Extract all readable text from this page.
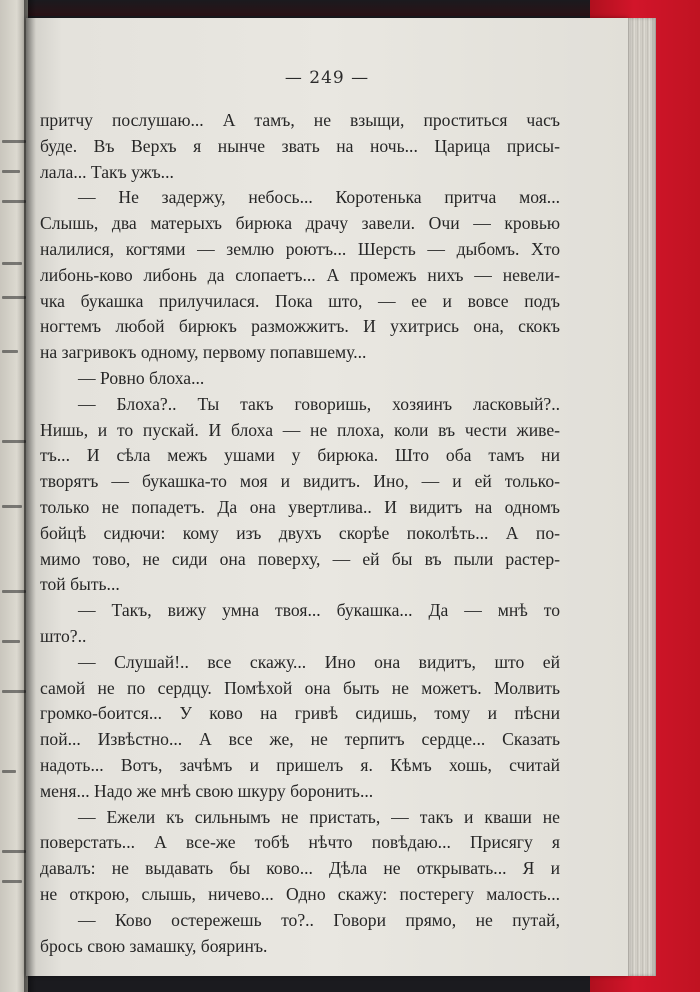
— 249 —
притчу послушаю... А тамъ, не взыщи, проститься часъ
буде. Въ Верхъ я нынче звать на ночь... Царица присы-
лала... Такъ ужъ...
— Не задержу, небось... Коротенька притча моя...
Слышь, два матерыхъ бирюка драчу завели. Очи — кровью
налилися, когтями — землю роютъ... Шерсть — дыбомъ. Хто
либонь-ково либонь да слопаетъ... А промежъ нихъ — невели-
чка букашка прилучилася. Пока што, — ее и вовсе подъ
ногтемъ любой бирюкъ разможжитъ. И ухитрись она, скокъ
на загривокъ одному, первому попавшему...
— Ровно блоха...
— Блоха?.. Ты такъ говоришь, хозяинъ ласковый?..
Нишь, и то пускай. И блоха — не плоха, коли въ чести живе-
тъ... И сѣла межъ ушами у бирюка. Што оба тамъ ни
творятъ — букашка-то моя и видитъ. Ино, — и ей только-
только не попадетъ. Да она увертлива.. И видитъ на одномъ
бойцѣ сидючи: кому изъ двухъ скорѣе поколѣть... А по-
мимо тово, не сиди она поверху, — ей бы въ пыли растер-
той быть...
— Такъ, вижу умна твоя... букашка... Да — мнѣ то
што?..
— Слушай!.. все скажу... Ино она видитъ, што ей
самой не по сердцу. Помѣхой она быть не можетъ. Молвить
громко-боится... У ково на гривѣ сидишь, тому и пѣсни
пой... Извѣстно... А все же, не терпитъ сердце... Сказать
надоть... Вотъ, зачѣмъ и пришелъ я. Кѣмъ хошь, считай
меня... Надо же мнѣ свою шкуру боронить...
— Ежели къ сильнымъ не пристать, — такъ и кваши не
поверстать... А все-же тобѣ нѣчто повѣдаю... Присягу я
давалъ: не выдавать бы ково... Дѣла не открывать... Я и
не открою, слышь, ничево... Одно скажу: постерегу малость...
— Ково остережешь то?.. Говори прямо, не путай,
брось свою замашку, бояринъ.
